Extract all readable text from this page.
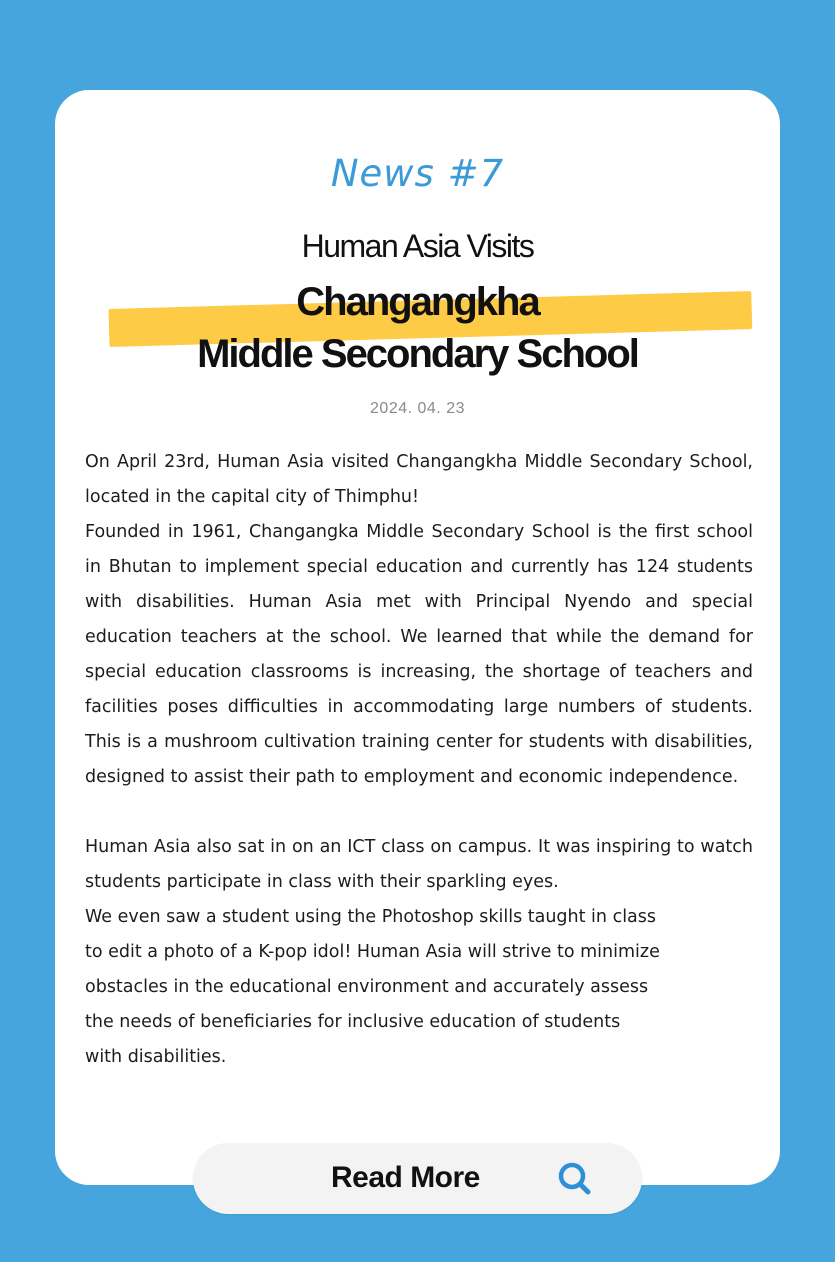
News #7
Human Asia Visits
Changangkha
Middle Secondary School
2024. 04. 23

On April 23rd, Human Asia visited Changangkha Middle Secondary School, located in the capital city of Thimphu!

Founded in 1961, Changangka Middle Secondary School is the first school in Bhutan to implement special education and currently has 124 students with disabilities. Human Asia met with Principal Nyendo and special education teachers at the school. We learned that while the demand for special education classrooms is increasing, the shortage of teachers and facilities poses difficulties in accommodating large numbers of students. This is a mushroom cultivation training center for students with disabilities, designed to assist their path to employment and economic independence.

Human Asia also sat in on an ICT class on campus. It was inspiring to watch students participate in class with their sparkling eyes.

We even saw a student using the Photoshop skills taught in class

to edit a photo of a K-pop idol! Human Asia will strive to minimize

obstacles in the educational environment and accurately assess

the needs of beneficiaries for inclusive education of students

with disabilities.

Read More
